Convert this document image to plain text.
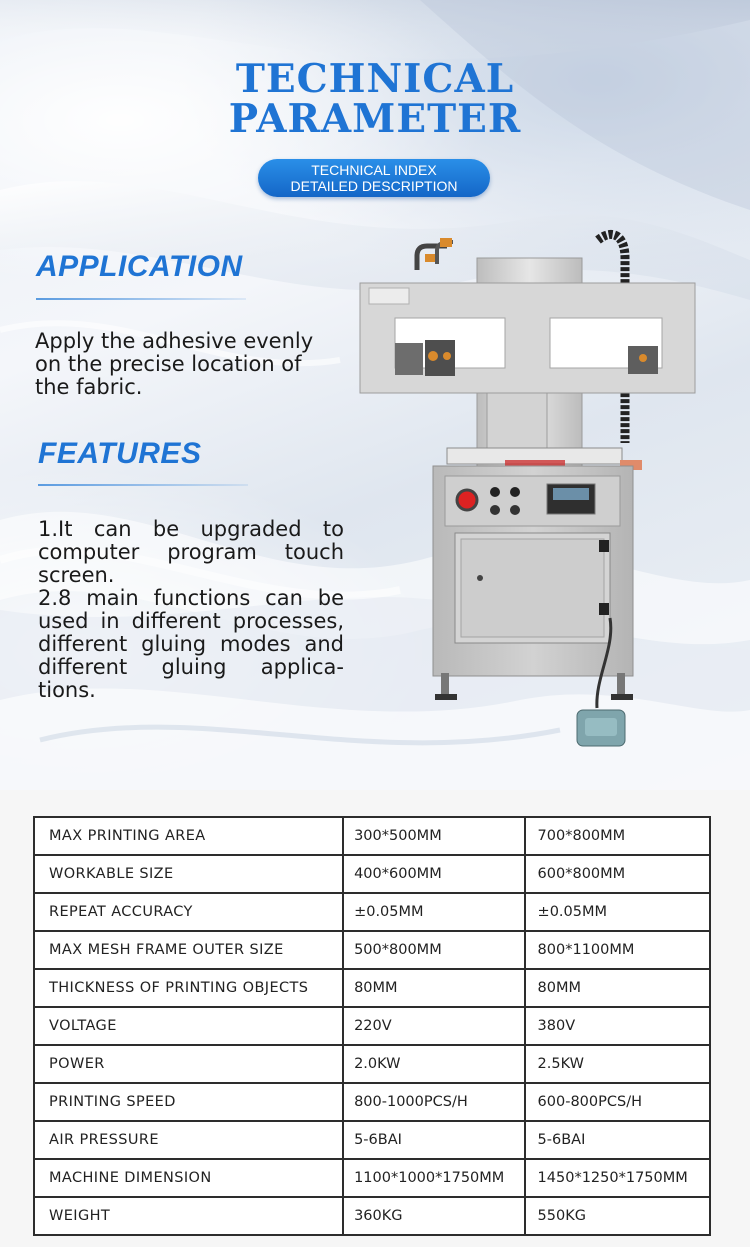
TECHNICAL
PARAMETER
TECHNICAL INDEX
DETAILED DESCRIPTION
APPLICATION
Apply the adhesive evenly
on the precise location of
the fabric.
FEATURES
1.It can be upgraded to
computer program touch
screen.
2.8 main functions can be
used in different processes,
different gluing modes and
different gluing applica-
tions.
MAX PRINTING AREA	300*500MM	700*800MM
WORKABLE SIZE	400*600MM	600*800MM
REPEAT ACCURACY	±0.05MM	±0.05MM
MAX MESH FRAME OUTER SIZE	500*800MM	800*1100MM
THICKNESS OF PRINTING OBJECTS	80MM	80MM
VOLTAGE	220V	380V
POWER	2.0KW	2.5KW
PRINTING SPEED	800-1000PCS/H	600-800PCS/H
AIR PRESSURE	5-6BAI	5-6BAI
MACHINE DIMENSION	1100*1000*1750MM	1450*1250*1750MM
WEIGHT	360KG	550KG
